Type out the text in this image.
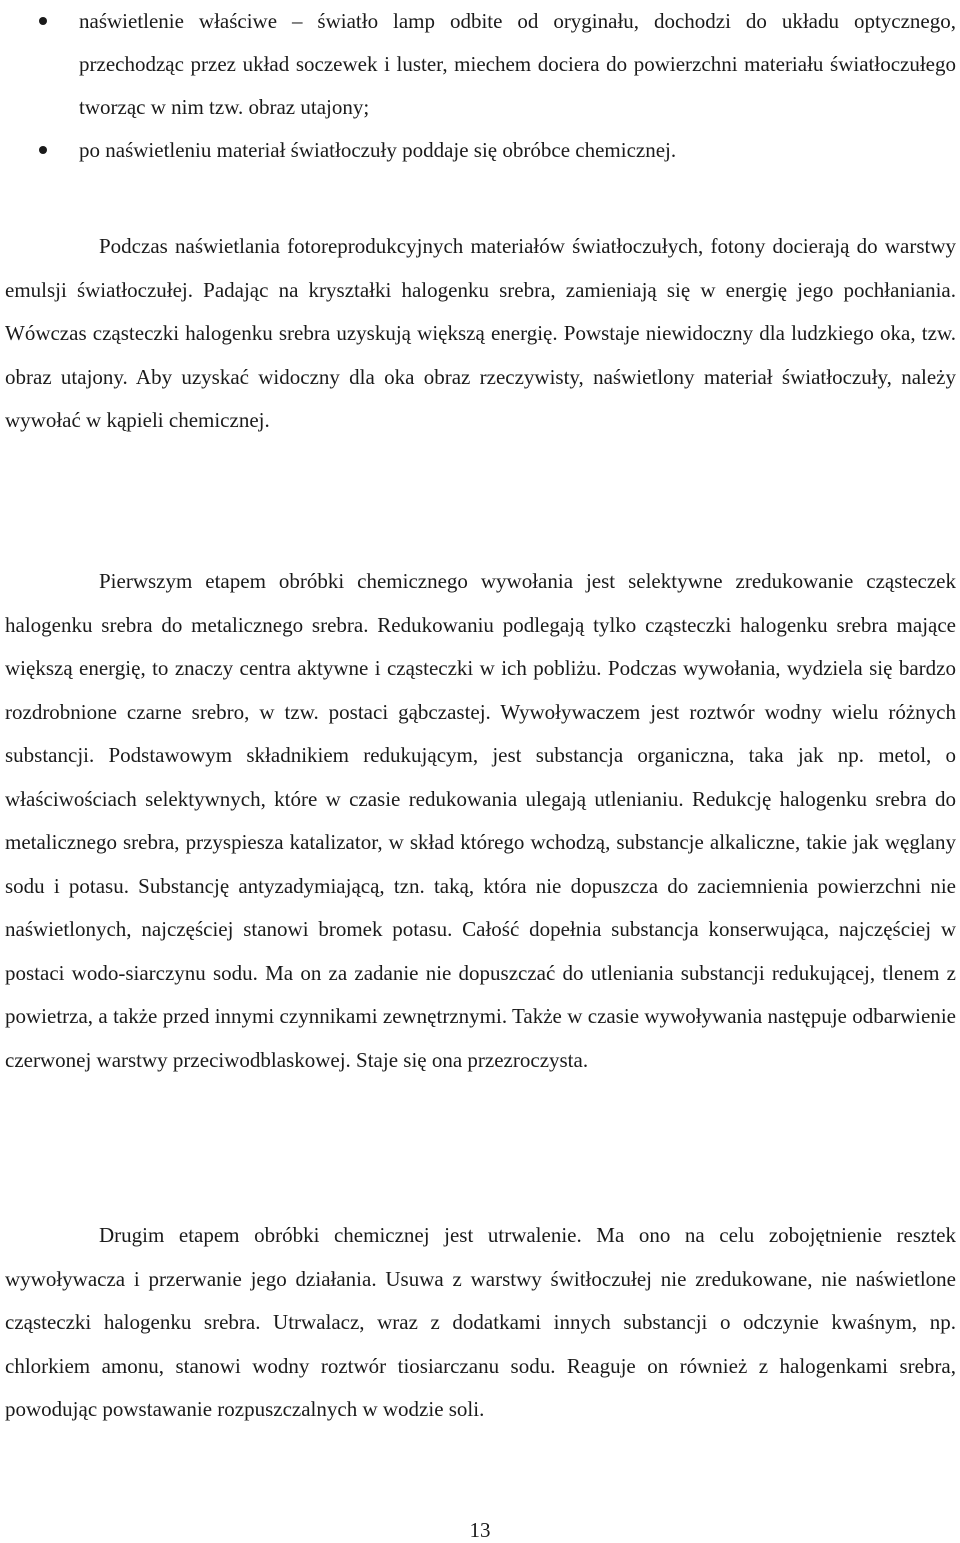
naświetlenie właściwe – światło lamp odbite od oryginału, dochodzi do układu optycznego, przechodząc przez układ soczewek i luster, miechem dociera do powierzchni materiału światłoczułego tworząc w nim tzw. obraz utajony;
po naświetleniu materiał światłoczuły poddaje się obróbce chemicznej.

Podczas naświetlania fotoreprodukcyjnych materiałów światłoczułych, fotony docierają do warstwy emulsji światłoczułej. Padając na kryształki halogenku srebra, zamieniają się w energię jego pochłaniania. Wówczas cząsteczki halogenku srebra uzyskują większą energię. Powstaje niewidoczny dla ludzkiego oka, tzw. obraz utajony. Aby uzyskać widoczny dla oka obraz rzeczywisty, naświetlony materiał światłoczuły, należy wywołać w kąpieli chemicznej.

Pierwszym etapem obróbki chemicznego wywołania jest selektywne zredukowanie cząsteczek halogenku srebra do metalicznego srebra. Redukowaniu podlegają tylko cząsteczki halogenku srebra mające większą energię, to znaczy centra aktywne i cząsteczki w ich pobliżu. Podczas wywołania, wydziela się bardzo rozdrobnione czarne srebro, w tzw. postaci gąbczastej. Wywoływaczem jest roztwór wodny wielu różnych substancji. Podstawowym składnikiem redukującym, jest substancja organiczna, taka jak np. metol, o właściwościach selektywnych, które w czasie redukowania ulegają utlenianiu. Redukcję halogenku srebra do metalicznego srebra, przyspiesza katalizator, w skład którego wchodzą, substancje alkaliczne, takie jak węglany sodu i potasu. Substancję antyzadymiającą, tzn. taką, która nie dopuszcza do zaciemnienia powierzchni nie naświetlonych, najczęściej stanowi bromek potasu. Całość dopełnia substancja konserwująca, najczęściej w postaci wodo-siarczynu sodu. Ma on za zadanie nie dopuszczać do utleniania substancji redukującej, tlenem z powietrza, a także przed innymi czynnikami zewnętrznymi. Także w czasie wywoływania następuje odbarwienie czerwonej warstwy przeciwodblaskowej. Staje się ona przezroczysta.

Drugim etapem obróbki chemicznej jest utrwalenie. Ma ono na celu zobojętnienie resztek wywoływacza i przerwanie jego działania. Usuwa z warstwy świtłoczułej nie zredukowane, nie naświetlone cząsteczki halogenku srebra. Utrwalacz, wraz z dodatkami innych substancji o odczynie kwaśnym, np. chlorkiem amonu, stanowi wodny roztwór tiosiarczanu sodu. Reaguje on również z halogenkami srebra, powodując powstawanie rozpuszczalnych w wodzie soli.

13
